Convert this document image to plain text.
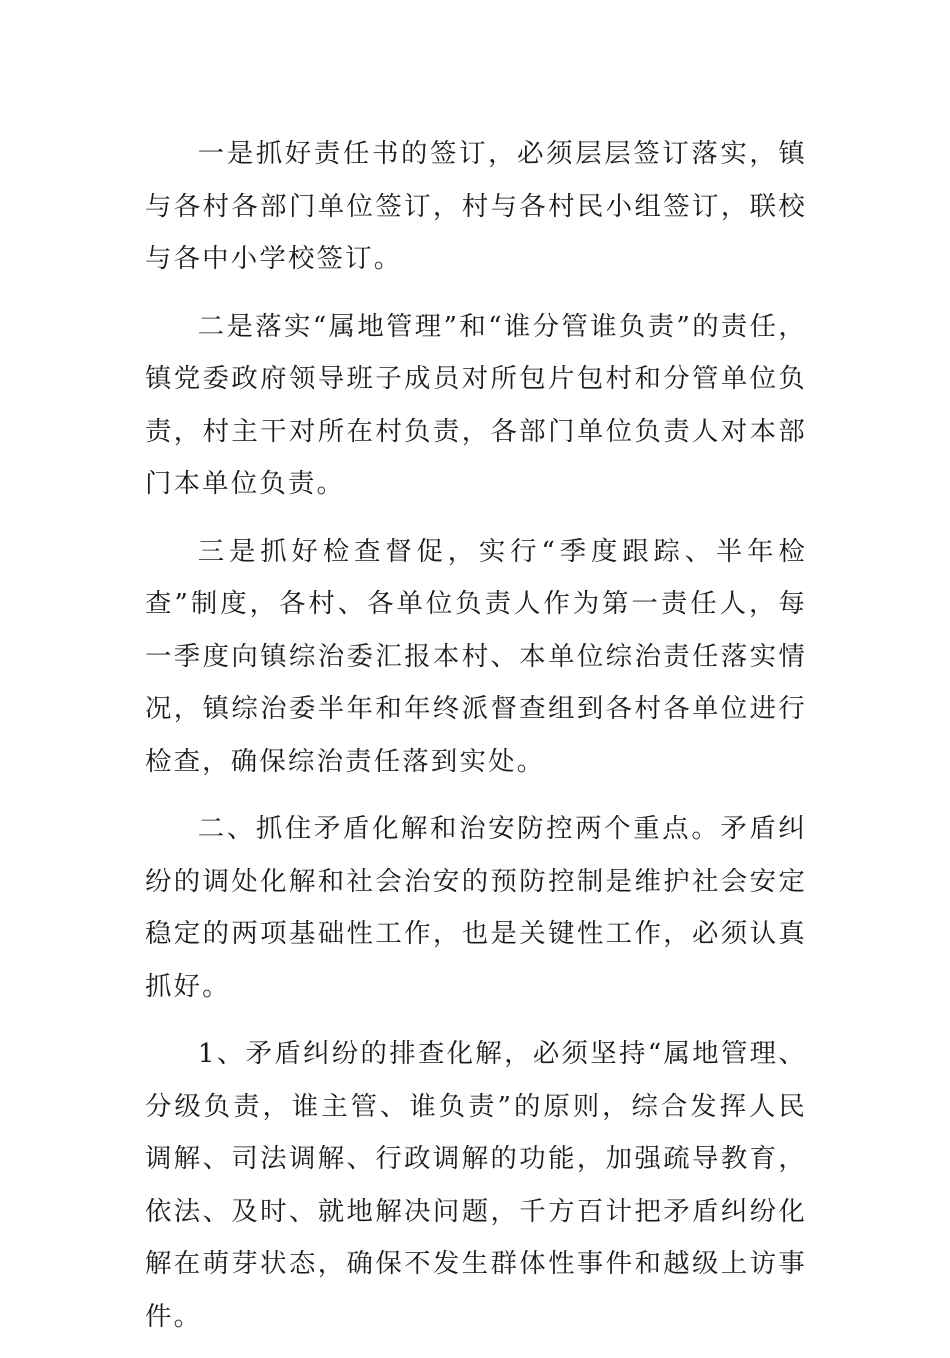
一是抓好责任书的签订，必须层层签订落实，镇与各村各部门单位签订，村与各村民小组签订，联校与各中小学校签订。

二是落实“属地管理”和“谁分管谁负责”的责任，镇党委政府领导班子成员对所包片包村和分管单位负责，村主干对所在村负责，各部门单位负责人对本部门本单位负责。

三是抓好检查督促，实行“季度跟踪、半年检查”制度，各村、各单位负责人作为第一责任人，每一季度向镇综治委汇报本村、本单位综治责任落实情况，镇综治委半年和年终派督查组到各村各单位进行检查，确保综治责任落到实处。

二、抓住矛盾化解和治安防控两个重点。矛盾纠纷的调处化解和社会治安的预防控制是维护社会安定稳定的两项基础性工作，也是关键性工作，必须认真抓好。

1、矛盾纠纷的排查化解，必须坚持“属地管理、分级负责，谁主管、谁负责”的原则，综合发挥人民调解、司法调解、行政调解的功能，加强疏导教育，依法、及时、就地解决问题，千方百计把矛盾纠纷化解在萌芽状态，确保不发生群体性事件和越级上访事件。
